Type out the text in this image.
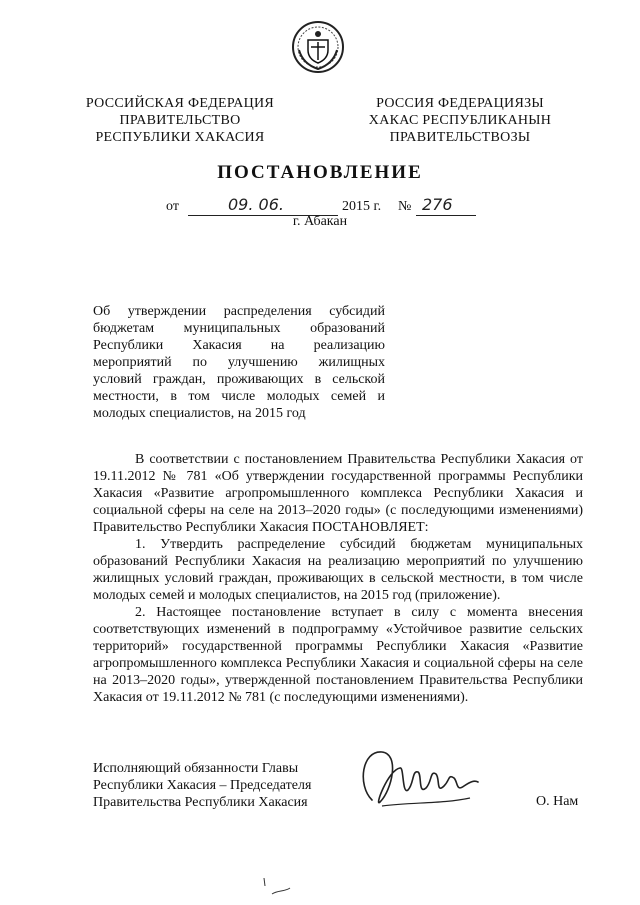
РОССИЙСКАЯ ФЕДЕРАЦИЯ
ПРАВИТЕЛЬСТВО
РЕСПУБЛИКИ ХАКАСИЯ
РОССИЯ ФЕДЕРАЦИЯЗЫ
ХАКАС РЕСПУБЛИКАНЫН
ПРАВИТЕЛЬСТВОЗЫ
ПОСТАНОВЛЕНИЕ
от	09. 06.	2015 г. № 276
г. Абакан
Об утверждении распределения субсидий бюджетам муниципальных образований Республики Хакасия на реализацию мероприятий по улучшению жилищных условий граждан, проживающих в сельской местности, в том числе молодых семей и молодых специалистов, на 2015 год

В соответствии с постановлением Правительства Республики Хакасия от 19.11.2012 № 781 «Об утверждении государственной программы Республики Хакасия «Развитие агропромышленного комплекса Республики Хакасия и социальной сферы на селе на 2013–2020 годы» (с последующими изменениями) Правительство Республики Хакасия ПОСТАНОВЛЯЕТ:

1. Утвердить распределение субсидий бюджетам муниципальных образований Республики Хакасия на реализацию мероприятий по улучшению жилищных условий граждан, проживающих в сельской местности, в том числе молодых семей и молодых специалистов, на 2015 год (приложение).

2. Настоящее постановление вступает в силу с момента внесения соответствующих изменений в подпрограмму «Устойчивое развитие сельских территорий» государственной программы Республики Хакасия «Развитие агропромышленного комплекса Республики Хакасия и социальной сферы на селе на 2013–2020 годы», утвержденной постановлением Правительства Республики Хакасия от 19.11.2012 № 781 (с последующими изменениями).

Исполняющий обязанности Главы
Республики Хакасия – Председателя
Правительства Республики Хакасия	О. Нам
